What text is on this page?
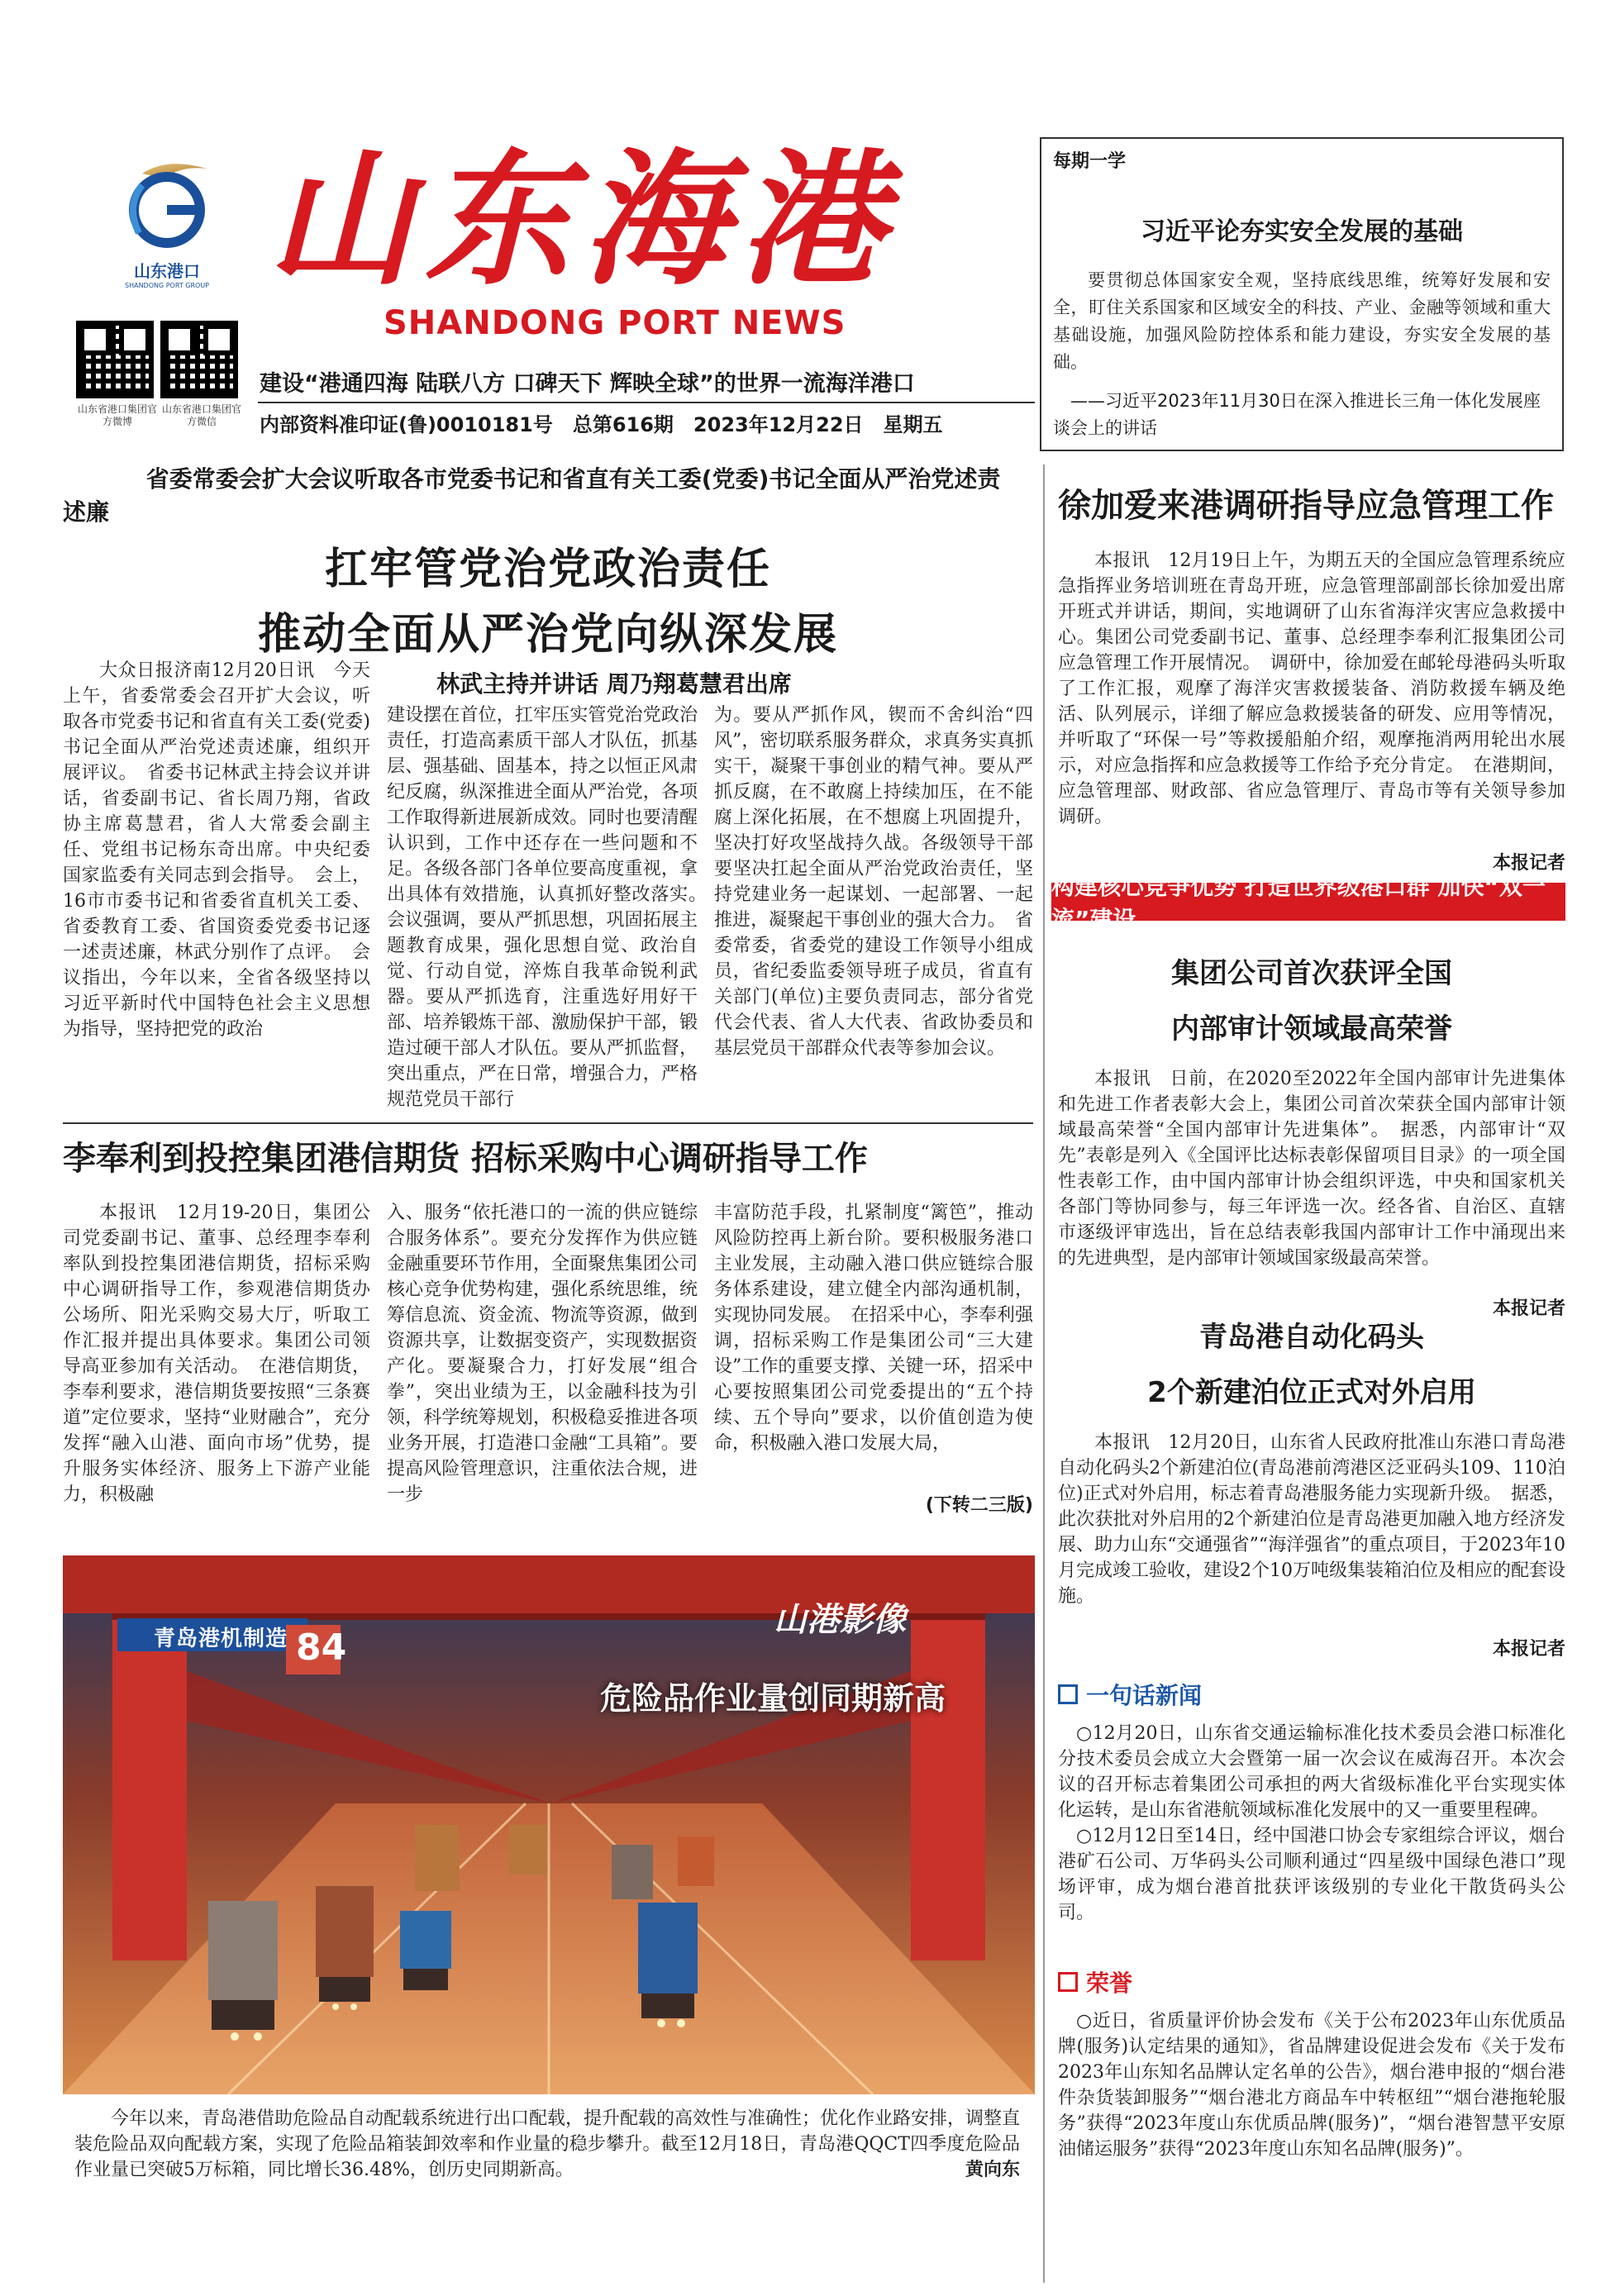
山东港口
SHANDONG PORT GROUP 山东海港
SHANDONG PORT NEWS
山东省港口集团官方微博
山东省港口集团官方微信
建设“港通四海 陆联八方 口碑天下 辉映全球”的世界一流海洋港口
内部资料准印证(鲁)0010181号　总第616期　2023年12月22日　星期五
每期一学
习近平论夯实安全发展的基础
要贯彻总体国家安全观，坚持底线思维，统筹好发展和安全，盯住关系国家和区域安全的科技、产业、金融等领域和重大基础设施，加强风险防控体系和能力建设，夯实安全发展的基础。
——习近平2023年11月30日在深入推进长三角一体化发展座谈会上的讲话
省委常委会扩大会议听取各市党委书记和省直有关工委(党委)书记全面从严治党述责述廉
扛牢管党治党政治责任
推动全面从严治党向纵深发展
林武主持并讲话 周乃翔葛慧君出席
大众日报济南12月20日讯　今天上午，省委常委会召开扩大会议，听取各市党委书记和省直有关工委(党委)书记全面从严治党述责述廉，组织开展评议。　省委书记林武主持会议并讲话，省委副书记、省长周乃翔，省政协主席葛慧君，省人大常委会副主任、党组书记杨东奇出席。中央纪委国家监委有关同志到会指导。　会上，16市市委书记和省委省直机关工委、省委教育工委、省国资委党委书记逐一述责述廉，林武分别作了点评。　会议指出，今年以来，全省各级坚持以习近平新时代中国特色社会主义思想为指导，坚持把党的政治
建设摆在首位，扛牢压实管党治党政治责任，打造高素质干部人才队伍，抓基层、强基础、固基本，持之以恒正风肃纪反腐，纵深推进全面从严治党，各项工作取得新进展新成效。同时也要清醒认识到，工作中还存在一些问题和不足。各级各部门各单位要高度重视，拿出具体有效措施，认真抓好整改落实。　会议强调，要从严抓思想，巩固拓展主题教育成果，强化思想自觉、政治自觉、行动自觉，淬炼自我革命锐利武器。要从严抓选育，注重选好用好干部、培养锻炼干部、激励保护干部，锻造过硬干部人才队伍。要从严抓监督，突出重点，严在日常，增强合力，严格规范党员干部行
为。要从严抓作风，锲而不舍纠治“四风”，密切联系服务群众，求真务实真抓实干，凝聚干事创业的精气神。要从严抓反腐，在不敢腐上持续加压，在不能腐上深化拓展，在不想腐上巩固提升，坚决打好攻坚战持久战。各级领导干部要坚决扛起全面从严治党政治责任，坚持党建业务一起谋划、一起部署、一起推进，凝聚起干事创业的强大合力。　省委常委，省委党的建设工作领导小组成员，省纪委监委领导班子成员，省直有关部门(单位)主要负责同志，部分省党代会代表、省人大代表、省政协委员和基层党员干部群众代表等参加会议。
李奉利到投控集团港信期货 招标采购中心调研指导工作
本报讯　12月19-20日，集团公司党委副书记、董事、总经理李奉利率队到投控集团港信期货，招标采购中心调研指导工作，参观港信期货办公场所、阳光采购交易大厅，听取工作汇报并提出具体要求。集团公司领导高亚参加有关活动。　在港信期货，李奉利要求，港信期货要按照“三条赛道”定位要求，坚持“业财融合”，充分发挥“融入山港、面向市场”优势，提升服务实体经济、服务上下游产业能力，积极融
入、服务“依托港口的一流的供应链综合服务体系”。要充分发挥作为供应链金融重要环节作用，全面聚焦集团公司核心竞争优势构建，强化系统思维，统筹信息流、资金流、物流等资源，做到资源共享，让数据变资产，实现数据资产化。要凝聚合力，打好发展“组合拳”，突出业绩为王，以金融科技为引领，科学统筹规划，积极稳妥推进各项业务开展，打造港口金融“工具箱”。要提高风险管理意识，注重依法合规，进一步
丰富防范手段，扎紧制度“篱笆”，推动风险防控再上新台阶。要积极服务港口主业发展，主动融入港口供应链综合服务体系建设，建立健全内部沟通机制，实现协同发展。　在招采中心，李奉利强调，招标采购工作是集团公司“三大建设”工作的重要支撑、关键一环，招采中心要按照集团公司党委提出的“五个持续、五个导向”要求，以价值创造为使命，积极融入港口发展大局，
(下转二三版)
青岛港机制造 84
山港影像
危险品作业量创同期新高
今年以来，青岛港借助危险品自动配载系统进行出口配载，提升配载的高效性与准确性；优化作业路安排，调整直装危险品双向配载方案，实现了危险品箱装卸效率和作业量的稳步攀升。截至12月18日，青岛港QQCT四季度危险品作业量已突破5万标箱，同比增长36.48%，创历史同期新高。	黄向东
徐加爱来港调研指导应急管理工作
本报讯　12月19日上午，为期五天的全国应急管理系统应急指挥业务培训班在青岛开班，应急管理部副部长徐加爱出席开班式并讲话，期间，实地调研了山东省海洋灾害应急救援中心。集团公司党委副书记、董事、总经理李奉利汇报集团公司应急管理工作开展情况。　调研中，徐加爱在邮轮母港码头听取了工作汇报，观摩了海洋灾害救援装备、消防救援车辆及绝活、队列展示，详细了解应急救援装备的研发、应用等情况，并听取了“环保一号”等救援船舶介绍，观摩拖消两用轮出水展示，对应急指挥和应急救援等工作给予充分肯定。　在港期间，应急管理部、财政部、省应急管理厅、青岛市等有关领导参加调研。
本报记者
构建核心竞争优势 打造世界级港口群 加快“双一流”建设
集团公司首次获评全国
内部审计领域最高荣誉
本报讯　日前，在2020至2022年全国内部审计先进集体和先进工作者表彰大会上，集团公司首次荣获全国内部审计领域最高荣誉“全国内部审计先进集体”。　据悉，内部审计“双先”表彰是列入《全国评比达标表彰保留项目目录》的一项全国性表彰工作，由中国内部审计协会组织评选，中央和国家机关各部门等协同参与，每三年评选一次。经各省、自治区、直辖市逐级评审选出，旨在总结表彰我国内部审计工作中涌现出来的先进典型，是内部审计领域国家级最高荣誉。
本报记者
青岛港自动化码头
2个新建泊位正式对外启用
本报讯　12月20日，山东省人民政府批准山东港口青岛港自动化码头2个新建泊位(青岛港前湾港区泛亚码头109、110泊位)正式对外启用，标志着青岛港服务能力实现新升级。　据悉，此次获批对外启用的2个新建泊位是青岛港更加融入地方经济发展、助力山东“交通强省”“海洋强省”的重点项目，于2023年10月完成竣工验收，建设2个10万吨级集装箱泊位及相应的配套设施。
本报记者
一句话新闻
○12月20日，山东省交通运输标准化技术委员会港口标准化分技术委员会成立大会暨第一届一次会议在威海召开。本次会议的召开标志着集团公司承担的两大省级标准化平台实现实体化运转，是山东省港航领域标准化发展中的又一重要里程碑。
○12月12日至14日，经中国港口协会专家组综合评议，烟台港矿石公司、万华码头公司顺利通过“四星级中国绿色港口”现场评审，成为烟台港首批获评该级别的专业化干散货码头公司。
荣誉
○近日，省质量评价协会发布《关于公布2023年山东优质品牌(服务)认定结果的通知》，省品牌建设促进会发布《关于发布2023年山东知名品牌认定名单的公告》，烟台港申报的“烟台港件杂货装卸服务”“烟台港北方商品车中转枢纽”“烟台港拖轮服务”获得“2023年度山东优质品牌(服务)”，“烟台港智慧平安原油储运服务”获得“2023年度山东知名品牌(服务)”。
